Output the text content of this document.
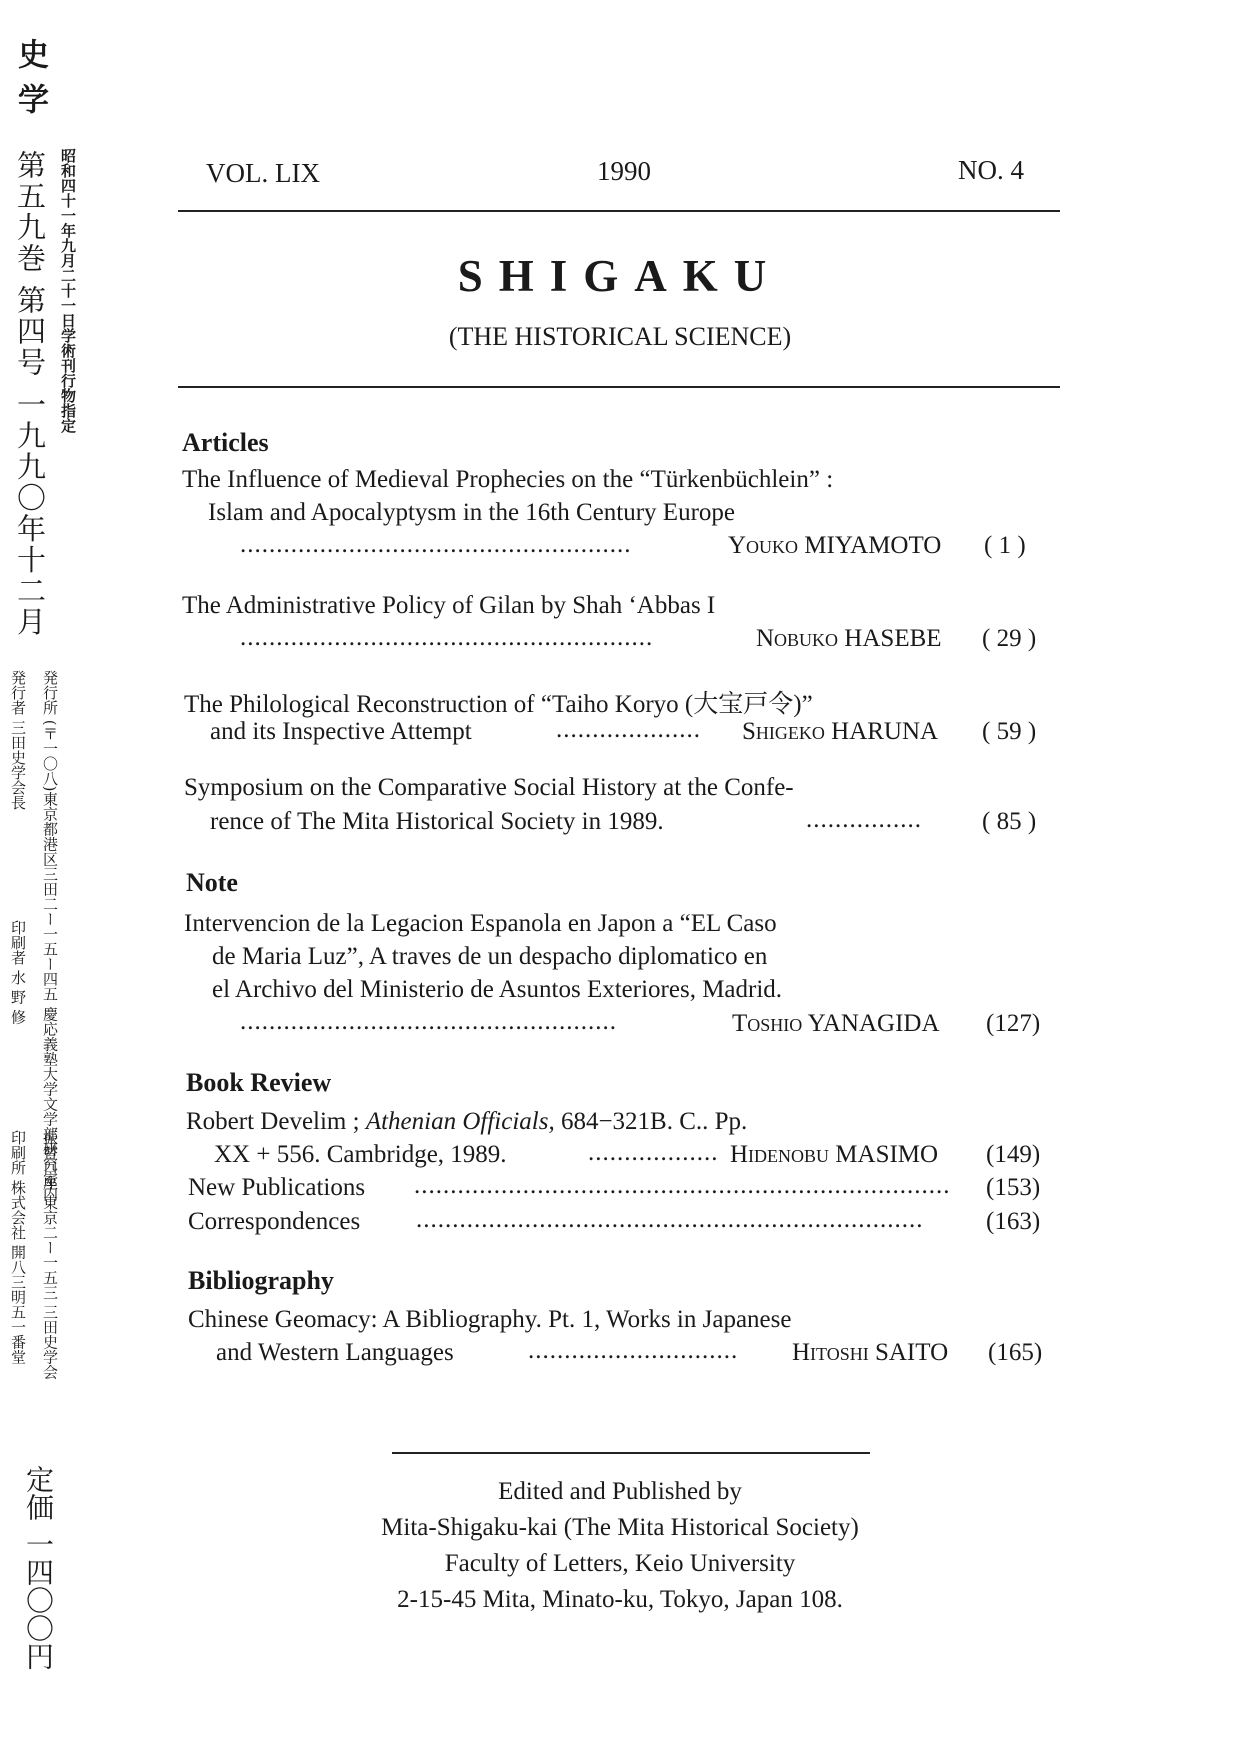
史学
第五九巻 第四号 一九九〇年十二月 昭和四十一年九月二十一日学術刊行物指定
発行所 (〒一〇八)東京都港区三田二ー一五ー四五 慶応義塾大学文学部研究室内
発行者 三田史学会長
印刷者 水 野 修
振替口座 東京二ー一五三 三田史学会
印刷所 株式会社 開八三明五一番堂
定価 一四〇〇円
VOL. LIX	1990	NO. 4
SHIGAKU
(THE HISTORICAL SCIENCE)
Articles
The Influence of Medieval Prophecies on the “Türkenbüchlein” :
Islam and Apocalyptysm in the 16th Century Europe
......................................................	Youko MIYAMOTO ( 1 )
The Administrative Policy of Gilan by Shah ‘Abbas I
.........................................................	Nobuko HASEBE ( 29 )
The Philological Reconstruction of “Taiho Koryo (大宝戸令)”
and its Inspective Attempt	.................... Shigeko HARUNA ( 59 )
Symposium on the Comparative Social History at the Confe-
rence of The Mita Historical Society in 1989.	................ ( 85 )
Note
Intervencion de la Legacion Espanola en Japon a “EL Caso
de Maria Luz”, A traves de un despacho diplomatico en
el Archivo del Ministerio de Asuntos Exteriores, Madrid.
....................................................	Toshio YANAGIDA (127)
Book Review
Robert Develim ; Athenian Officials, 684−321B. C.. Pp.
XX + 556. Cambridge, 1989.	.................. Hidenobu MASIMO (149)
New Publications .......................................................................... (153)
Correspondences ......................................................................	(163)
Bibliography
Chinese Geomacy: A Bibliography. Pt. 1, Works in Japanese
and Western Languages	............................. Hitoshi SAITO (165)
Edited and Published by
Mita-Shigaku-kai (The Mita Historical Society)
Faculty of Letters, Keio University
2-15-45 Mita, Minato-ku, Tokyo, Japan 108.
